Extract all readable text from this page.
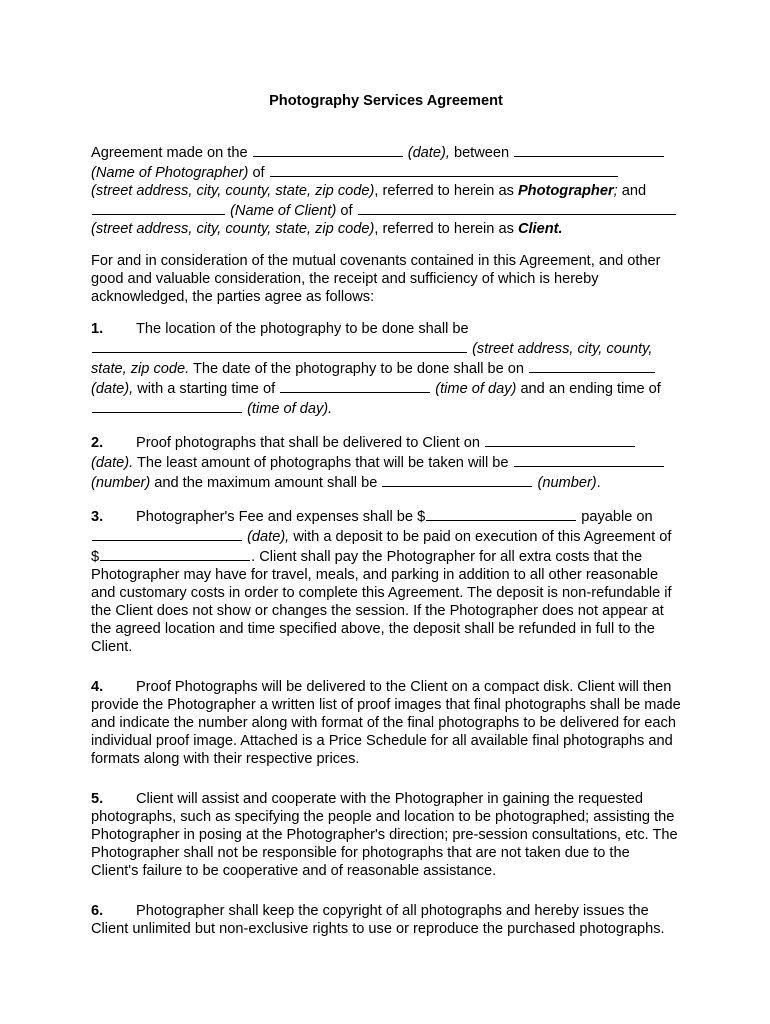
Photography Services Agreement

Agreement made on the	(date), between  (Name of Photographer) of
(street address, city, county, state, zip code), referred to herein as Photographer; and
(Name of Client) of
(street address, city, county, state, zip code), referred to herein as Client.

For and in consideration of the mutual covenants contained in this Agreement, and other good and valuable consideration, the receipt and sufficiency of which is hereby acknowledged, the parties agree as follows:

1. The location of the photography to be done shall be
(street address, city, county, state, zip code. The date of the photography to be done shall be on  (date), with a starting time of	(time of day) and an ending time of
(time of day).

2. Proof photographs that shall be delivered to Client on
(date). The least amount of photographs that will be taken will be
(number) and the maximum amount shall be	(number).

3. Photographer's Fee and expenses shall be $	payable on
(date), with a deposit to be paid on execution of this Agreement of $	. Client shall pay the Photographer for all extra costs that the Photographer may have for travel, meals, and parking in addition to all other reasonable and customary costs in order to complete this Agreement. The deposit is non-refundable if the Client does not show or changes the session. If the Photographer does not appear at the agreed location and time specified above, the deposit shall be refunded in full to the Client.

4. Proof Photographs will be delivered to the Client on a compact disk. Client will then provide the Photographer a written list of proof images that final photographs shall be made and indicate the number along with format of the final photographs to be delivered for each individual proof image. Attached is a Price Schedule for all available final photographs and formats along with their respective prices.

5. Client will assist and cooperate with the Photographer in gaining the requested photographs, such as specifying the people and location to be photographed; assisting the Photographer in posing at the Photographer's direction; pre-session consultations, etc. The Photographer shall not be responsible for photographs that are not taken due to the Client's failure to be cooperative and of reasonable assistance.

6. Photographer shall keep the copyright of all photographs and hereby issues the Client unlimited but non-exclusive rights to use or reproduce the purchased photographs.
